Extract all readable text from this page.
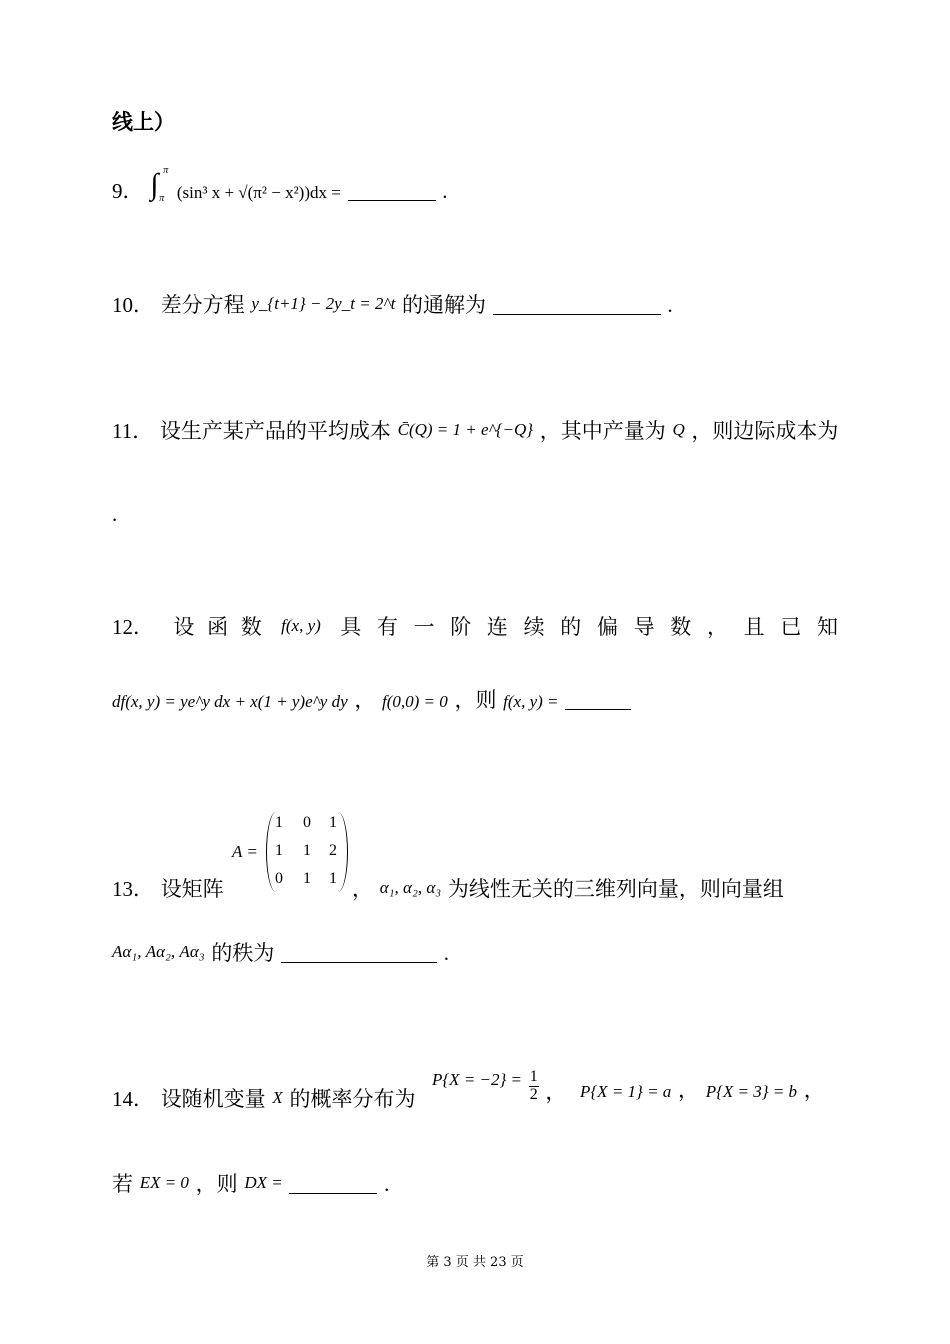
线上）
9． ∫ π
π (sin³ x + √(π² − x²))dx =	.
10． 差分方程 y_{t+1} − 2y_t = 2^t 的通解为	.
11． 设生产某产品的平均成本 C̄(Q) = 1 + e^{−Q} ，其中产量为 Q ，则边际成本为
.
12． 设 函 数 f(x, y) 具 有 一 阶 连 续 的 偏 导 数 ， 且 已 知
df(x, y) = ye^y dx + x(1 + y)e^y dy ， f(0,0) = 0 ，则 f(x, y) =
A =
1 0 1
1 1 2
0 1 1
13． 设矩阵	， α₁, α₂, α₃ 为线性无关的三维列向量，则向量组
Aα₁, Aα₂, Aα₃ 的秩为	.
14． 设随机变量 X 的概率分布为
$P\{X = -2\} = \frac{1}{2}$ ， P{X = 1} = a ， P{X = 3} = b ，
若 EX = 0 ，则 DX =	.
第 3 页 共 23 页
